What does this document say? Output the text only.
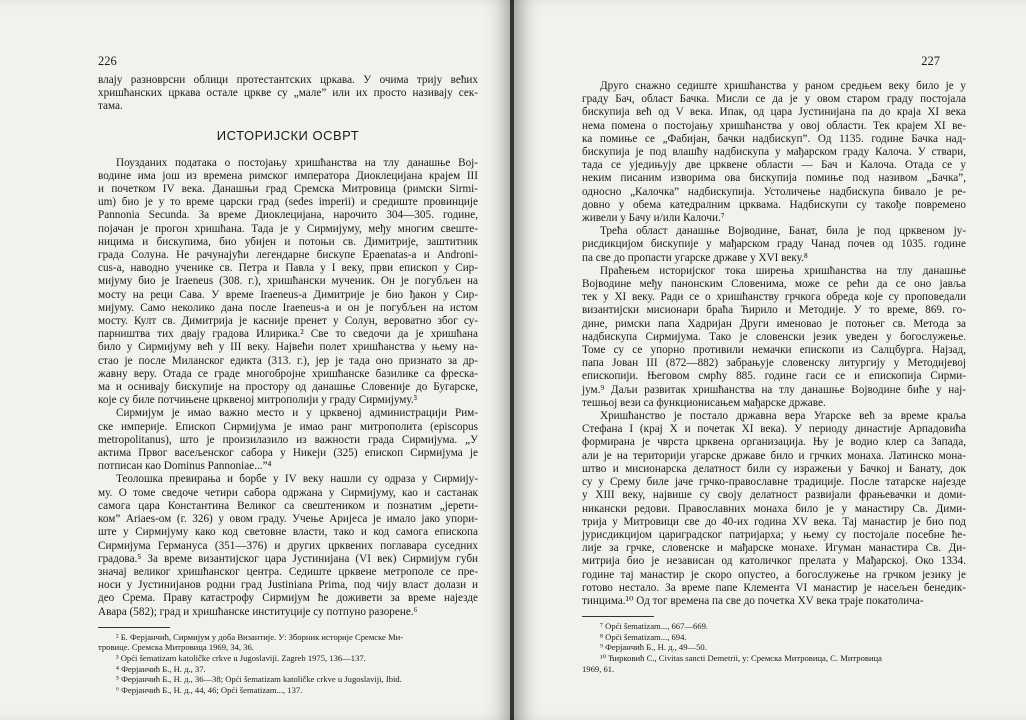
226
влају разноврсни облици протестантских цркава. У очима трију већих
хришћанских цркава остале цркве су „мале” или их просто називају сек-
тама.
ИСТОРИЈСКИ ОСВРТ
Поузданих података о постојању хришћанства на тлу данашње Вој-
водине има још из времена римског императора Диоклецијана крајем III
и почетком IV века. Данашњи град Сремска Митровица (римски Sirmi-
um) био је у то време царски град (sedes imperii) и средиште провинције
Pannonia Secunda. За време Диоклецијана, нарочито 304—305. године,
појачан је прогон хришћана. Тада је у Сирмијуму, међу многим свеште-
ницима и бискупима, био убијен и потоњи св. Димитрије, заштитник
града Солуна. Не рачунајући легендарне бискупе Epaenatas-а и Androni-
cus-а, наводно ученике св. Петра и Павла у I веку, први епископ у Сир-
мијуму био је Iraeneus (308. г.), хришћански мученик. Он је погубљен на
мосту на реци Сава. У време Iraeneus-а Димитрије је био ђакон у Сир-
мијуму. Само неколико дана после Iraeneus-а и он је погубљен на истом
мосту. Култ св. Димитрија је касније пренет у Солун, вероватно због су-
парништва тих двају градова Илирика.² Све то сведочи да је хришћана
било у Сирмијуму већ у III веку. Највећи полет хришћанства у њему на-
стао је после Миланског едикта (313. г.), јер је тада оно признато за др-
жавну веру. Отада се граде многобројне хришћанске базилике са фреска-
ма и оснивају бискупије на простору од данашње Словеније до Бугарске,
које су биле потчињене црквеној митрополији у граду Сирмијуму.³
Сирмијум је имао важно место и у црквеној администрацији Рим-
ске империје. Епископ Сирмијума је имао ранг митрополита (episcopus
metropolitanus), што је произилазило из важности града Сирмијума. „У
актима Првог васељенског сабора у Никеји (325) епископ Сирмијума је
потписан као Dominus Pannoniae...”⁴
Теолошка превирања и борбе у IV веку нашли су одраза у Сирмију-
му. О томе сведоче четири сабора одржана у Сирмијуму, као и састанак
самога цара Константина Великог са свештеником и познатим „јерети-
ком” Ariaes-ом (г. 326) у овом граду. Учење Аријеса је имало јако упори-
ште у Сирмијуму како код световне власти, тако и код самога епископа
Сирмијума Германуса (351—376) и других црквених поглавара суседних
градова.⁵ За време византијског цара Јустинијана (VI век) Сирмијум губи
значај великог хришћанског центра. Седиште црквене метрополе се пре-
носи у Јустинијанов родни град Justiniana Prima, под чију власт долази и
део Срема. Праву катастрофу Сирмијум ће доживети за време најезде
Авара (582); град и хришћанске институције су потпуно разорене.⁶
² Б. Ферјанчић, Сирмијум у доба Византије. У: Зборник историје Сремске Ми-
тровице. Сремска Митровица 1969, 34, 36.
³ Opći šematizam katoličke crkve u Jugoslaviji. Zagreb 1975, 136—137.
⁴ Ферјанчић Б., Н. д., 37.
⁵ Ферјанчић Б., Н. д., 36—38; Opći šematizam katoličke crkve u Jugoslaviji, Ibid.
⁶ Ферјанчић Б., Н. д., 44, 46; Opći šematizam..., 137.
227
Друго снажно седиште хришћанства у раном средњем веку било је у
граду Бач, област Бачка. Мисли се да је у овом старом граду постојала
бискупија већ од V века. Ипак, од цара Јустинијана па до краја XI века
нема помена о постојању хришћанства у овој области. Тек крајем XI ве-
ка помиње се „Фабијан, бачки надбискуп”. Од 1135. године Бачка над-
бискупија је под влашћу надбискупа у мађарском граду Калоча. У ствари,
тада се уједињују две црквене области — Бач и Калоча. Отада се у
неким писаним изворима ова бискупија помиње под називом „Бачка”,
односно „Калочка” надбискупија. Устоличење надбискупа бивало је ре-
довно у обема катедралним црквама. Надбискупи су такође повремено
живели у Бачу и/или Калочи.⁷
Трећа област данашње Војводине, Банат, била је под црквеном ју-
рисдикцијом бискупије у мађарском граду Чанад почев од 1035. године
па све до пропасти угарске државе у XVI веку.⁸
Праћењем историјског тока ширења хришћанства на тлу данашње
Војводине међу панонским Словенима, може се рећи да се оно јавља
тек у XI веку. Ради се о хришћанству грчкога обреда које су проповедали
византијски мисионари браћа Ћирило и Методије. У то време, 869. го-
дине, римски папа Хадријан Други именовао је потоњег св. Метода за
надбискупа Сирмијума. Тако је словенски језик уведен у богослужење.
Томе су се упорно противили немачки епископи из Салцбурга. Најзад,
папа Јован III (872—882) забрањује словенску литургију у Методијевој
епископији. Његовом смрћу 885. године гаси се и епископија Сирми-
јум.⁹ Даљи развитак хришћанства на тлу данашње Војводине биће у нај-
тешњој вези са функционисањем мађарске државе.
Хришћанство је постало државна вера Угарске већ за време краља
Стефана I (крај X и почетак XI века). У периоду династије Арпадовића
формирана је чврста црквена организација. Њу је водио клер са Запада,
али је на територији угарске државе било и грчких монаха. Латинско мона-
штво и мисионарска делатност били су изражењи у Бачкој и Банату, док
су у Срему биле јаче грчко-православне традиције. После татарске најезде
у XIII веку, највише су своју делатност развијали фрањевачки и доми-
никански редови. Православних монаха било је у манастиру Св. Дими-
трија у Митровици све до 40-их година XV века. Тај манастир је био под
јурисдикцијом цариградског патријарха; у њему су постојале посебне ће-
лије за грчке, словенске и мађарске монахе. Игуман манастира Св. Ди-
митрија био је независан од католичког прелата у Мађарској. Око 1334.
године тај манастир је скоро опустео, а богослужење на грчком језику је
готово нестало. За време папе Клемента VI манастир је насељен бенедик-
тинцима.¹⁰ Од тог времена па све до почетка XV века траје покатоличa-
⁷ Opći šematizam..., 667—669.
⁸ Opći šematizam..., 694.
⁹ Ферјанчић Б., Н. д., 49—50.
¹⁰ Ћирковић С., Civitas sancti Demetrii, у: Сремска Митровица, С. Митровица
1969, 61.
